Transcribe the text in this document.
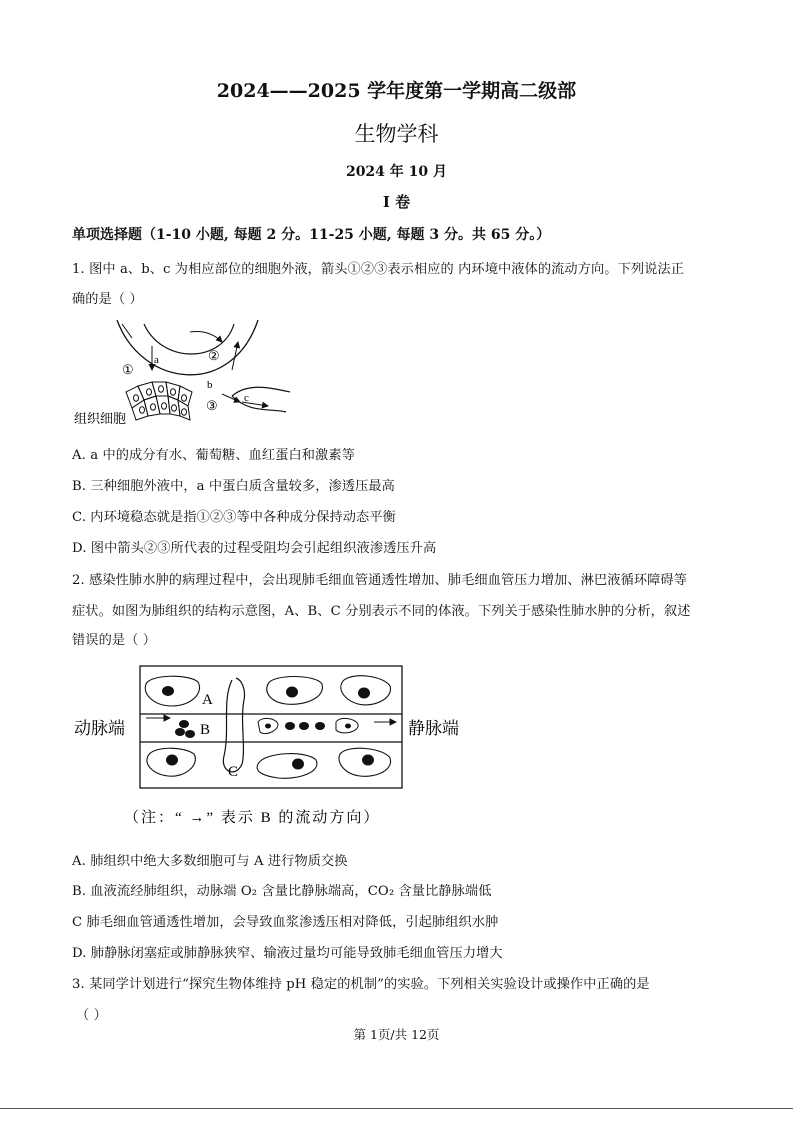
2024——2025 学年度第一学期高二级部
生物学科
2024 年 10 月
I 卷
单项选择题（1-10 小题, 每题 2 分。11-25 小题, 每题 3 分。共 65 分。）
1. 图中 a、b、c 为相应部位的细胞外液，箭头①②③表示相应的 内环境中液体的流动方向。下列说法正
确的是（ ）
a
①
②
b
c
③
组织细胞
A. a 中的成分有水、葡萄糖、血红蛋白和激素等
B. 三种细胞外液中，a 中蛋白质含量较多，渗透压最高
C. 内环境稳态就是指①②③等中各种成分保持动态平衡
D. 图中箭头②③所代表的过程受阻均会引起组织液渗透压升高
2. 感染性肺水肿的病理过程中，会出现肺毛细血管通透性增加、肺毛细血管压力增加、淋巴液循环障碍等
症状。如图为肺组织的结构示意图，A、B、C 分别表示不同的体液。下列关于感染性肺水肿的分析，叙述
错误的是（ ）
A
B
C
动脉端	静脉端
（注：“ →” 表示 B 的流动方向）
A. 肺组织中绝大多数细胞可与 A 进行物质交换
B. 血液流经肺组织，动脉端 O₂ 含量比静脉端高，CO₂ 含量比静脉端低
C 肺毛细血管通透性增加，会导致血浆渗透压相对降低，引起肺组织水肿
D. 肺静脉闭塞症或肺静脉狭窄、输液过量均可能导致肺毛细血管压力增大
3. 某同学计划进行“探究生物体维持 pH 稳定的机制”的实验。下列相关实验设计或操作中正确的是
（ ）
第 1页/共 12页
